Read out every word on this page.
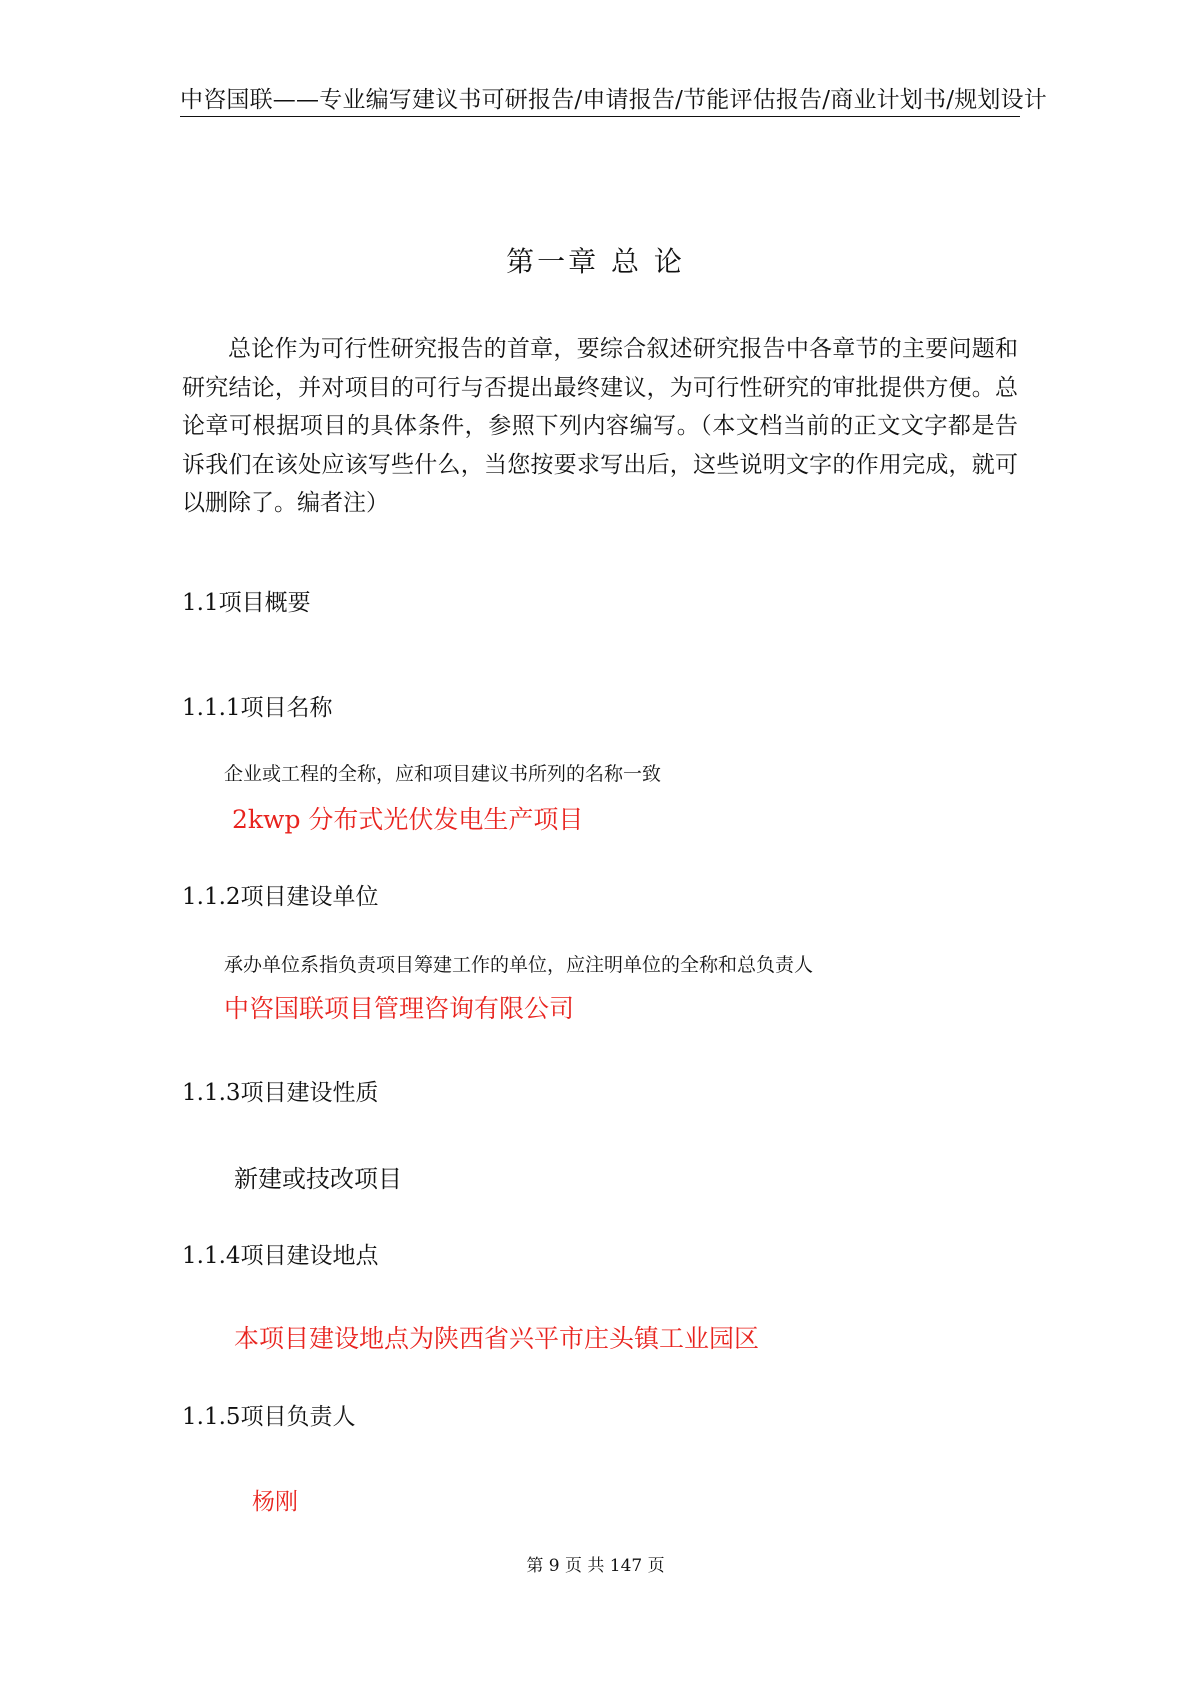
中咨国联——专业编写建议书可研报告/申请报告/节能评估报告/商业计划书/规划设计
第一章 总 论

总论作为可行性研究报告的首章，要综合叙述研究报告中各章节的主要问题和研究结论，并对项目的可行与否提出最终建议，为可行性研究的审批提供方便。总论章可根据项目的具体条件，参照下列内容编写。（本文档当前的正文文字都是告诉我们在该处应该写些什么，当您按要求写出后，这些说明文字的作用完成，就可以删除了。编者注）

1.1项目概要
1.1.1项目名称
企业或工程的全称，应和项目建议书所列的名称一致
2kwp 分布式光伏发电生产项目
1.1.2项目建设单位
承办单位系指负责项目筹建工作的单位，应注明单位的全称和总负责人
中咨国联项目管理咨询有限公司
1.1.3项目建设性质
新建或技改项目
1.1.4项目建设地点
本项目建设地点为陕西省兴平市庄头镇工业园区
1.1.5项目负责人
杨刚
第 9 页 共 147 页
